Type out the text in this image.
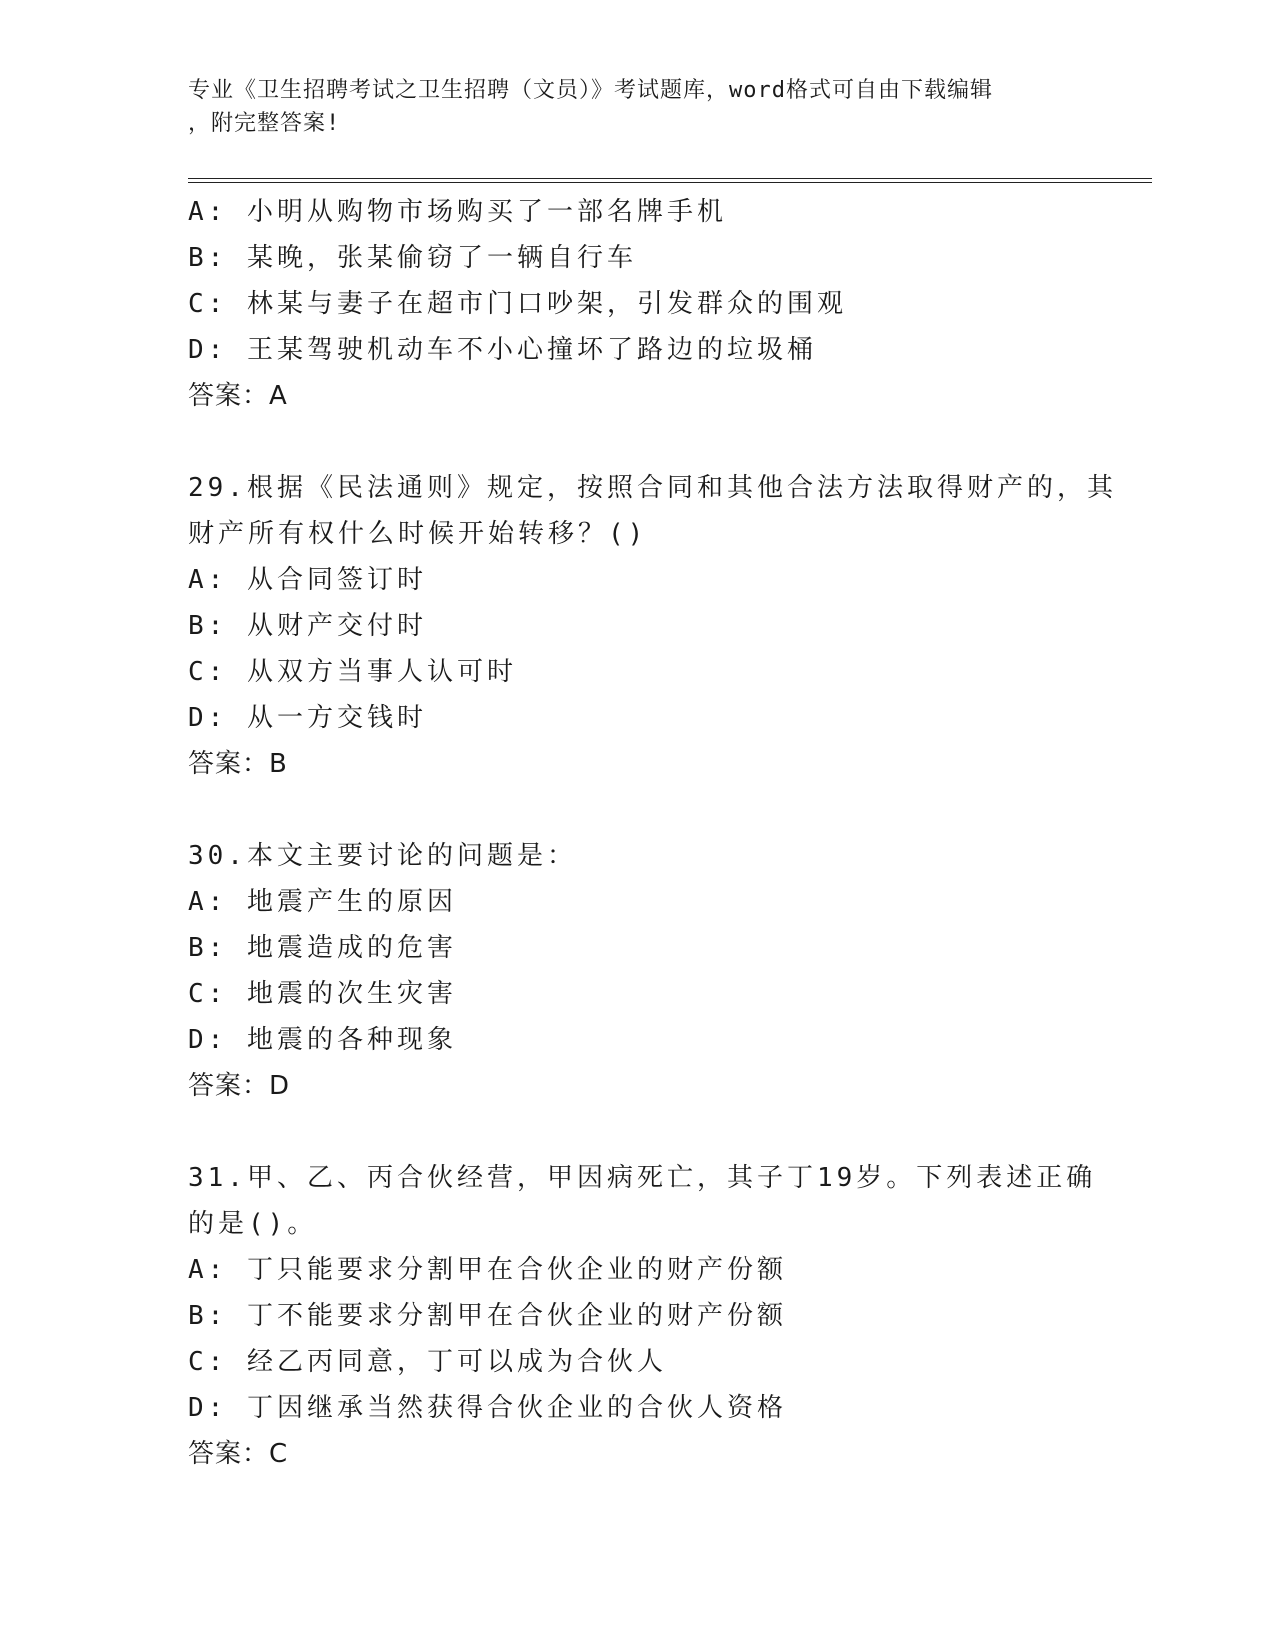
专业《卫生招聘考试之卫生招聘（文员）》考试题库，word格式可自由下载编辑
，附完整答案!
A: 小明从购物市场购买了一部名牌手机
B: 某晚，张某偷窃了一辆自行车
C: 林某与妻子在超市门口吵架，引发群众的围观
D: 王某驾驶机动车不小心撞坏了路边的垃圾桶
答案：A
29.根据《民法通则》规定，按照合同和其他合法方法取得财产的，其
财产所有权什么时候开始转移？()
A: 从合同签订时
B: 从财产交付时
C: 从双方当事人认可时
D: 从一方交钱时
答案：B
30.本文主要讨论的问题是：
A: 地震产生的原因
B: 地震造成的危害
C: 地震的次生灾害
D: 地震的各种现象
答案：D
31.甲、乙、丙合伙经营，甲因病死亡，其子丁19岁。下列表述正确
的是()。
A: 丁只能要求分割甲在合伙企业的财产份额
B: 丁不能要求分割甲在合伙企业的财产份额
C: 经乙丙同意，丁可以成为合伙人
D: 丁因继承当然获得合伙企业的合伙人资格
答案：C
